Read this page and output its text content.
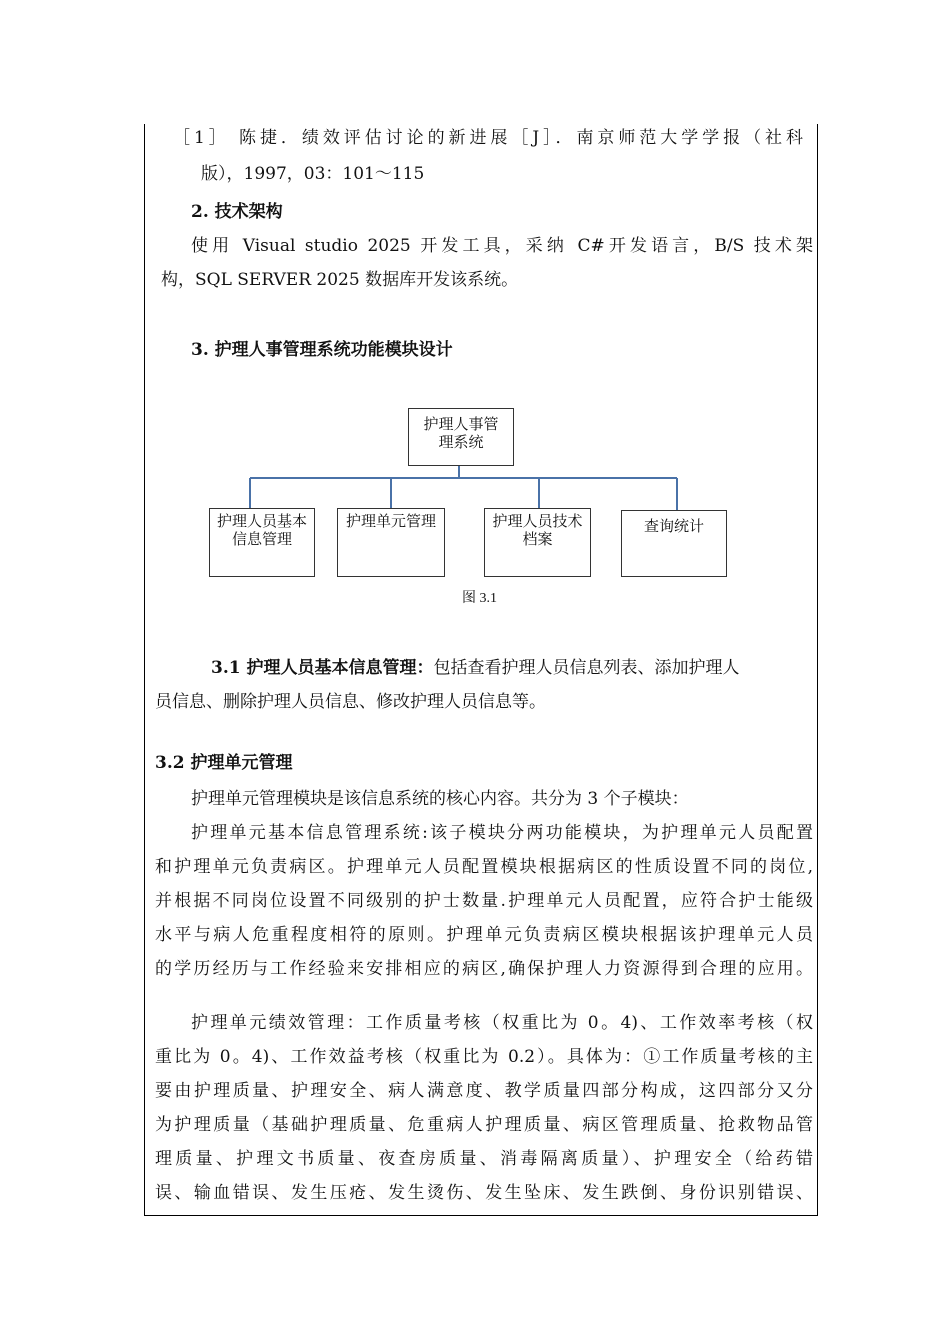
［1］ 陈捷．绩效评估讨论的新进展［J］．南京师范大学学报（社科
版），1997，03：101～115
2. 技术架构
使用 Visual studio 2025 开发工具，采纳 C#开发语言，B/S 技术架
构，SQL SERVER 2025 数据库开发该系统。
3. 护理人事管理系统功能模块设计
护理人事管
理系统
护理人员基本
信息管理
护理单元管理	护理人员技术
档案
查询统计
图 3.1
3.1 护理人员基本信息管理：包括查看护理人员信息列表、添加护理人
员信息、删除护理人员信息、修改护理人员信息等。
3.2 护理单元管理
护理单元管理模块是该信息系统的核心内容。共分为 3 个子模块：
护理单元基本信息管理系统:该子模块分两功能模块，为护理单元人员配置
和护理单元负责病区。护理单元人员配置模块根据病区的性质设置不同的岗位,
并根据不同岗位设置不同级别的护士数量.护理单元人员配置，应符合护士能级
水平与病人危重程度相符的原则。护理单元负责病区模块根据该护理单元人员
的学历经历与工作经验来安排相应的病区,确保护理人力资源得到合理的应用。
护理单元绩效管理：工作质量考核（权重比为 0。4)、工作效率考核（权
重比为 0。4)、工作效益考核（权重比为 0.2）。具体为：①工作质量考核的主
要由护理质量、护理安全、病人满意度、教学质量四部分构成，这四部分又分
为护理质量（基础护理质量、危重病人护理质量、病区管理质量、抢救物品管
理质量、护理文书质量、夜查房质量、消毒隔离质量）、护理安全（给药错
误、输血错误、发生压疮、发生烫伤、发生坠床、发生跌倒、身份识别错误、
